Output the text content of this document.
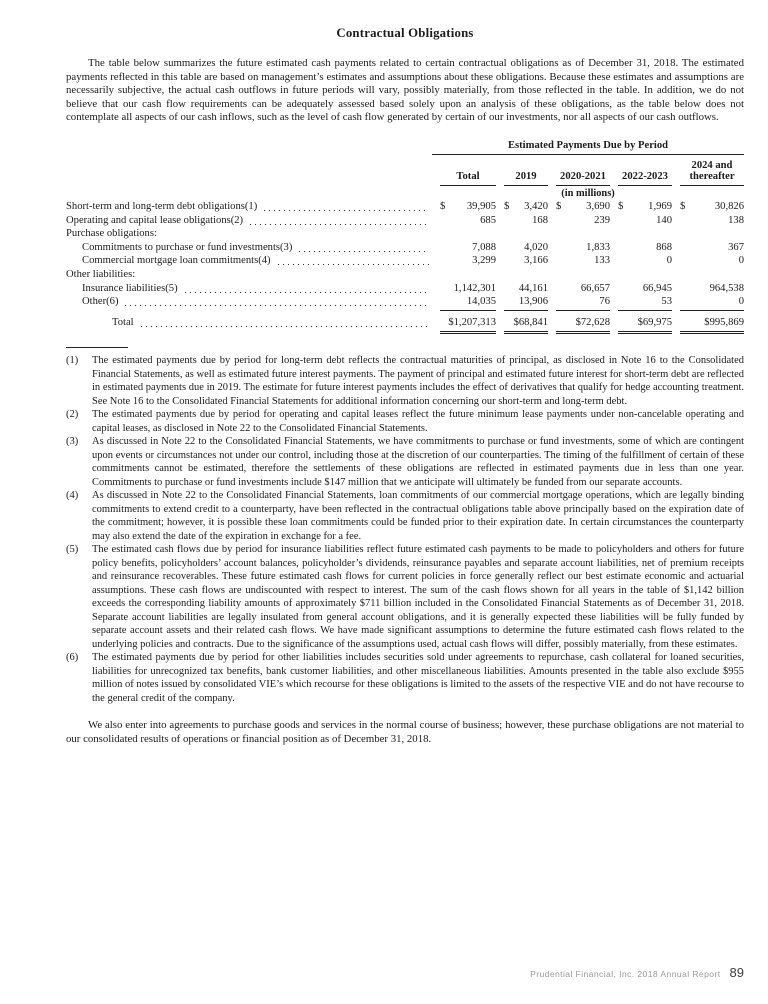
Contractual Obligations

The table below summarizes the future estimated cash payments related to certain contractual obligations as of December 31, 2018. The estimated payments reflected in this table are based on management’s estimates and assumptions about these obligations. Because these estimates and assumptions are necessarily subjective, the actual cash outflows in future periods will vary, possibly materially, from those reflected in the table. In addition, we do not believe that our cash flow requirements can be adequately assessed based solely upon an analysis of these obligations, as the table below does not contemplate all aspects of our cash inflows, such as the level of cash flow generated by certain of our investments, nor all aspects of our cash outflows.

Estimated Payments Due by Period
Total	2019	2020-2021	2022-2023
2024 and thereafter
(in millions)
Short-term and long-term debt obligations(1)	$ 39,905 $ 3,420 $ 3,690 $ 1,969 $	30,826
Operating and capital lease obligations(2)	685	168	239	140	138
Purchase obligations:
Commitments to purchase or fund investments(3)	7,088	4,020	1,833	868	367
Commercial mortgage loan commitments(4)	3,299	3,166	133	0	0
Other liabilities:
Insurance liabilities(5)	1,142,301 44,161	66,657	66,945	964,538
Other(6)	14,035 13,906	76	53	0
Total	$1,207,313 $68,841	$72,628	$69,975	$995,869
(1)	The estimated payments due by period for long-term debt reflects the contractual maturities of principal, as disclosed in Note 16 to the Consolidated Financial Statements, as well as estimated future interest payments. The payment of principal and estimated future interest for short-term debt are reflected in estimated payments due in 2019. The estimate for future interest payments includes the effect of derivatives that qualify for hedge accounting treatment. See Note 16 to the Consolidated Financial Statements for additional information concerning our short-term and long-term debt.
(2)	The estimated payments due by period for operating and capital leases reflect the future minimum lease payments under non-cancelable operating and capital leases, as disclosed in Note 22 to the Consolidated Financial Statements.
(3)	As discussed in Note 22 to the Consolidated Financial Statements, we have commitments to purchase or fund investments, some of which are contingent upon events or circumstances not under our control, including those at the discretion of our counterparties. The timing of the fulfillment of certain of these commitments cannot be estimated, therefore the settlements of these obligations are reflected in estimated payments due in less than one year. Commitments to purchase or fund investments include $147 million that we anticipate will ultimately be funded from our separate accounts.
(4)	As discussed in Note 22 to the Consolidated Financial Statements, loan commitments of our commercial mortgage operations, which are legally binding commitments to extend credit to a counterparty, have been reflected in the contractual obligations table above principally based on the expiration date of the commitment; however, it is possible these loan commitments could be funded prior to their expiration date. In certain circumstances the counterparty may also extend the date of the expiration in exchange for a fee.
(5)	The estimated cash flows due by period for insurance liabilities reflect future estimated cash payments to be made to policyholders and others for future policy benefits, policyholders’ account balances, policyholder’s dividends, reinsurance payables and separate account liabilities, net of premium receipts and reinsurance recoverables. These future estimated cash flows for current policies in force generally reflect our best estimate economic and actuarial assumptions. These cash flows are undiscounted with respect to interest. The sum of the cash flows shown for all years in the table of $1,142 billion exceeds the corresponding liability amounts of approximately $711 billion included in the Consolidated Financial Statements as of December 31, 2018. Separate account liabilities are legally insulated from general account obligations, and it is generally expected these liabilities will be fully funded by separate account assets and their related cash flows. We have made significant assumptions to determine the future estimated cash flows related to the underlying policies and contracts. Due to the significance of the assumptions used, actual cash flows will differ, possibly materially, from these estimates.
(6)	The estimated payments due by period for other liabilities includes securities sold under agreements to repurchase, cash collateral for loaned securities, liabilities for unrecognized tax benefits, bank customer liabilities, and other miscellaneous liabilities. Amounts presented in the table also exclude $955 million of notes issued by consolidated VIE’s which recourse for these obligations is limited to the assets of the respective VIE and do not have recourse to the general credit of the company.

We also enter into agreements to purchase goods and services in the normal course of business; however, these purchase obligations are not material to our consolidated results of operations or financial position as of December 31, 2018.

Prudential Financial, Inc. 2018 Annual Report 89
